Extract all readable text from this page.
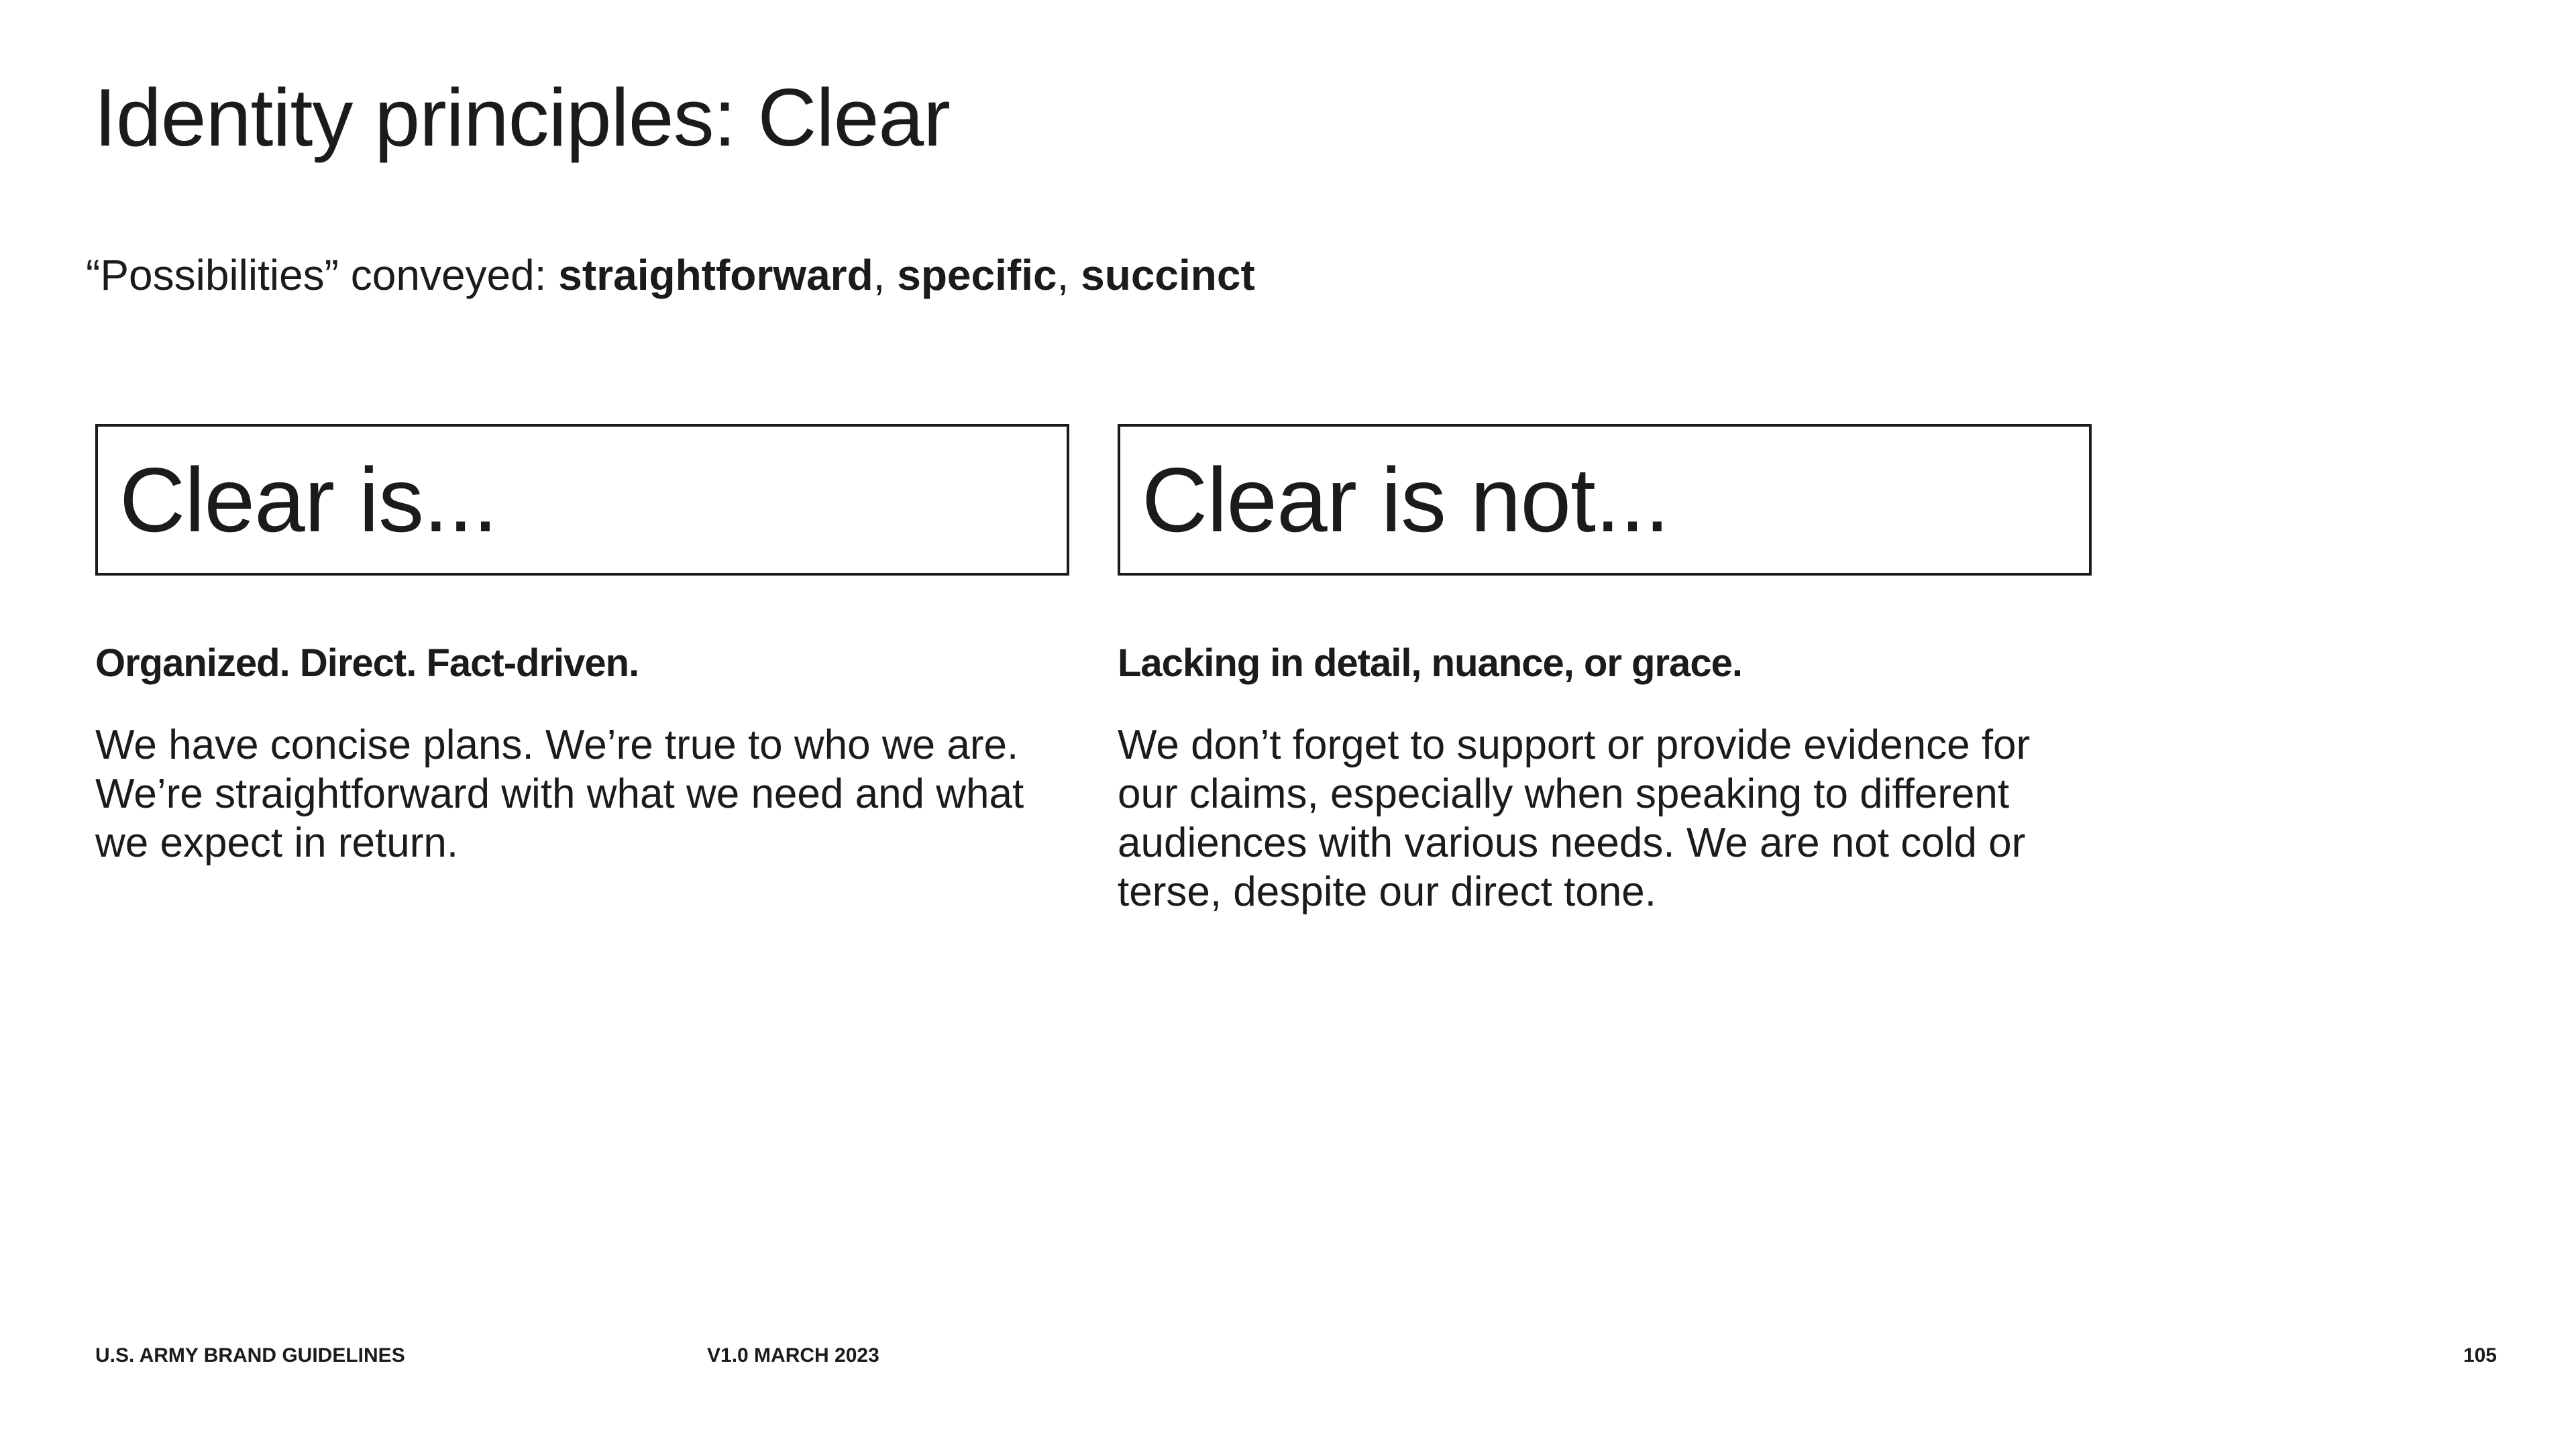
Identity principles: Clear

“Possibilities” conveyed: straightforward, specific, succinct

Clear is...

Organized. Direct. Fact-driven.

We have concise plans. We’re true to who we are. We’re straightforward with what we need and what we expect in return.

Clear is not...

Lacking in detail, nuance, or grace.

We don’t forget to support or provide evidence for our claims, especially when speaking to different audiences with various needs. We are not cold or terse, despite our direct tone.

U.S. ARMY BRAND GUIDELINES	V1.0 MARCH 2023	105
